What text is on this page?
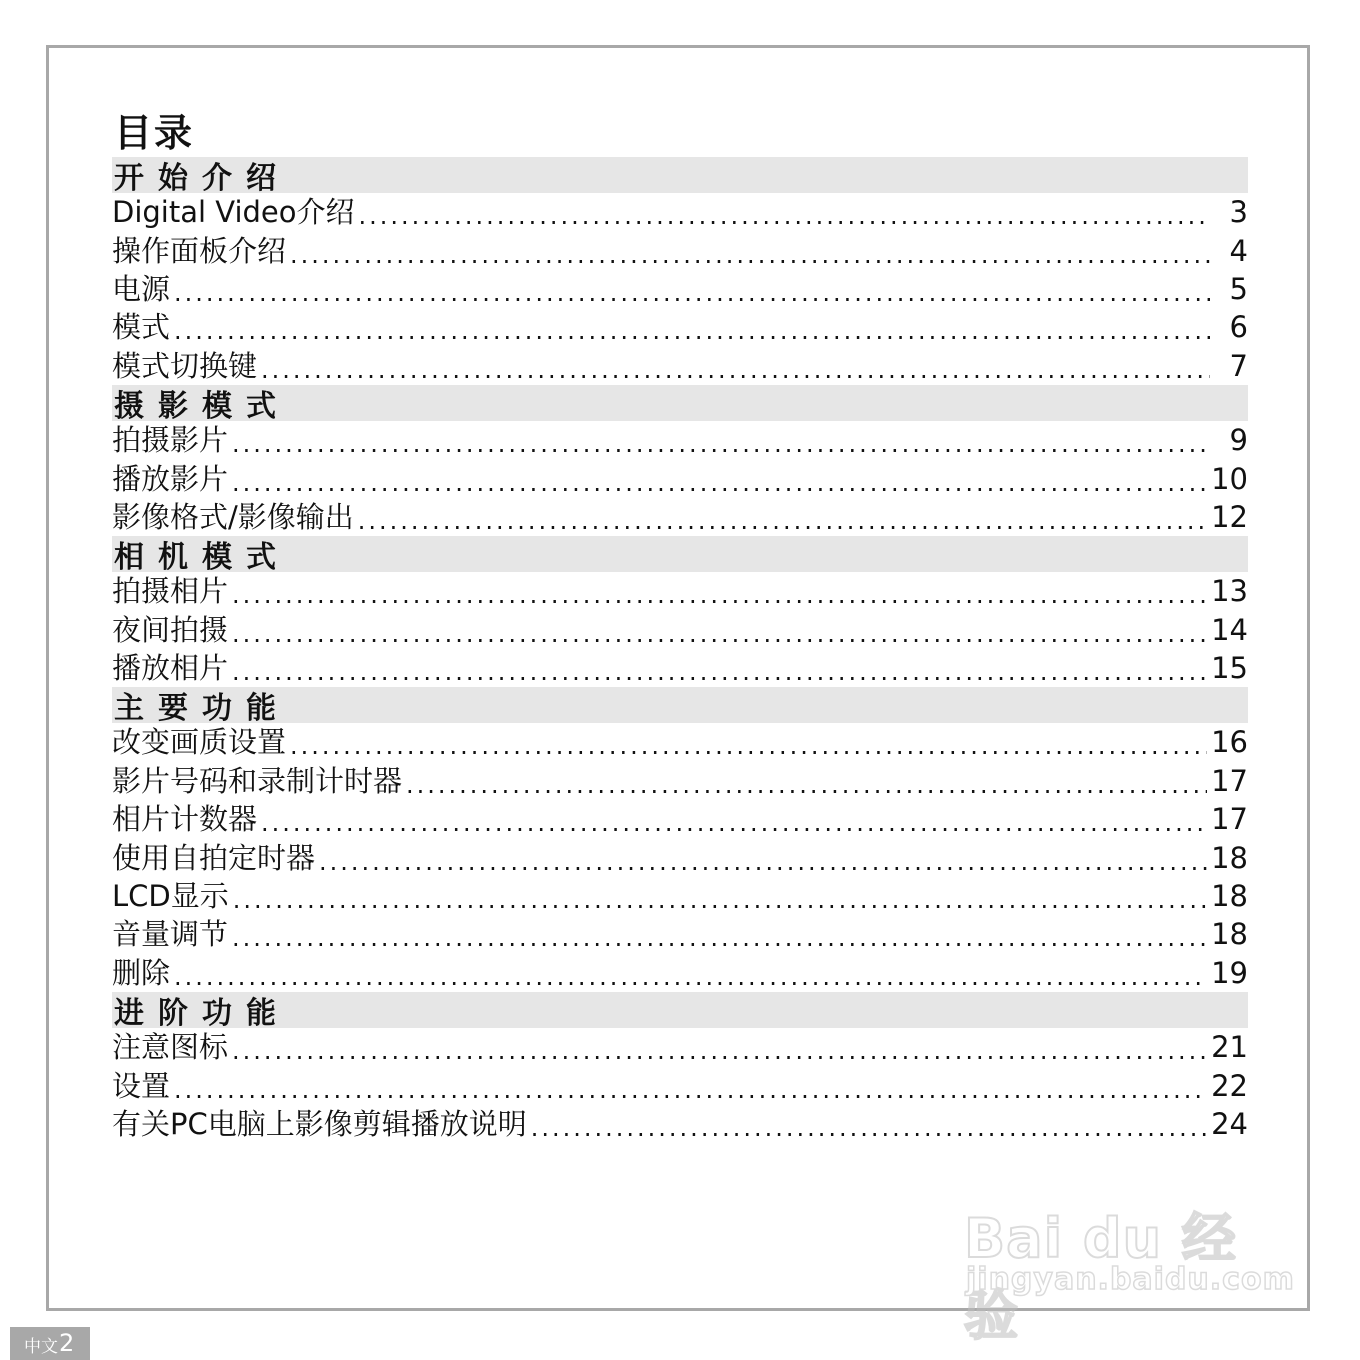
目录
开始介绍
Digital Video介绍 .....	3
操作面板介绍 .....	4
电源 .....	5
模式 .....	6
模式切换键 .....	7
摄影模式
拍摄影片 .....	9
播放影片 .....	10
影像格式/影像输出 .....	12
相机模式
拍摄相片 .....	13
夜间拍摄 .....	14
播放相片 .....	15
主要功能
改变画质设置 .....	16
影片号码和录制计时器 .....	17
相片计数器 .....	17
使用自拍定时器 .....	18
LCD显示 .....	18
音量调节 .....	18
删除 .....	19
进阶功能
注意图标 .....	21
设置 .....	22
有关PC电脑上影像剪辑播放说明 .....	24
Bai du 经验
jingyan.baidu.com
中文 2
